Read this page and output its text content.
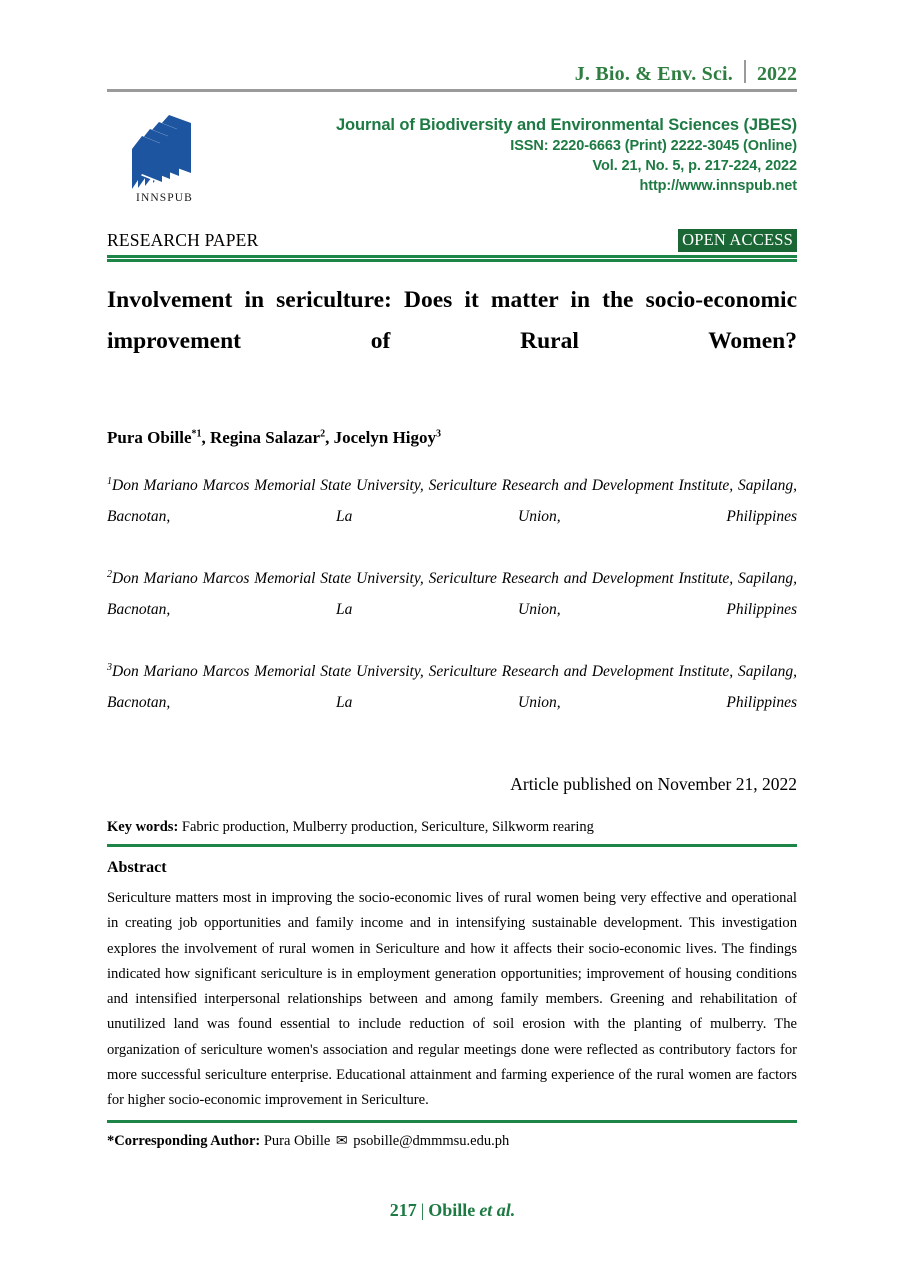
J. Bio. & Env. Sci. 2022
INNSPUB
Journal of Biodiversity and Environmental Sciences (JBES)
ISSN: 2220-6663 (Print) 2222-3045 (Online)
Vol. 21, No. 5, p. 217-224, 2022
http://www.innspub.net
RESEARCH PAPER	OPEN ACCESS
Involvement in sericulture: Does it matter in the socio-economic improvement of Rural Women?
Pura Obille$^{*1}$, Regina Salazar$^2$, Jocelyn Higoy$^3$
$^1$Don Mariano Marcos Memorial State University, Sericulture Research and Development Institute, Sapilang, Bacnotan, La Union, Philippines
$^2$Don Mariano Marcos Memorial State University, Sericulture Research and Development Institute, Sapilang, Bacnotan, La Union, Philippines
$^3$Don Mariano Marcos Memorial State University, Sericulture Research and Development Institute, Sapilang, Bacnotan, La Union, Philippines
Article published on November 21, 2022
Key words: Fabric production, Mulberry production, Sericulture, Silkworm rearing
Abstract
Sericulture matters most in improving the socio-economic lives of rural women being very effective and operational in creating job opportunities and family income and in intensifying sustainable development. This investigation explores the involvement of rural women in Sericulture and how it affects their socio-economic lives. The findings indicated how significant sericulture is in employment generation opportunities; improvement of housing conditions and intensified interpersonal relationships between and among family members. Greening and rehabilitation of unutilized land was found essential to include reduction of soil erosion with the planting of mulberry. The organization of sericulture women's association and regular meetings done were reflected as contributory factors for more successful sericulture enterprise. Educational attainment and farming experience of the rural women are factors for higher socio-economic improvement in Sericulture.
*Corresponding Author: Pura Obille ✉ psobille@dmmmsu.edu.ph
217 | Obille et al.
